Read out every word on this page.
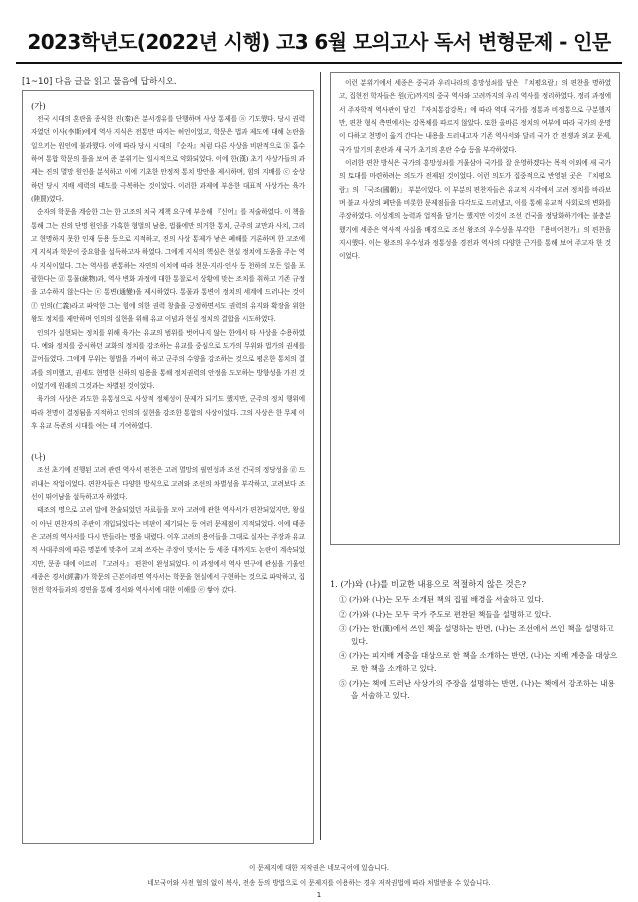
2023학년도(2022년 시행) 고3 6월 모의고사 독서 변형문제 - 인문
[1~10] 다음 글을 읽고 물음에 답하시오.
(가)

전국 시대의 혼란을 종식한 진(秦)은 분서갱유를 단행하며 사상 통제를 ⓐ 기도했다. 당시 권력자였던 이사(李斯)에게 역사 지식은 전통만 따지는 허언이었고, 학문은 법과 제도에 대해 논란을 일으키는 원인에 불과했다. 이에 따라 당시 시대의 『순자』처럼 다른 사상을 비판적으로 ⓑ 흡수하여 통합 학문의 틀을 보여 준 분위기는 일시적으로 약화되었다. 이에 한(漢) 초기 사상가들의 과제는 진의 멸망 원인을 분석하고 이에 기초한 안정적 통치 방안을 제시하며, 힘의 지배를 ⓒ 숭상하던 당시 지배 세력의 태도를 극복하는 것이었다. 이러한 과제에 부응한 대표적 사상가는 육가(陸賈)였다.

순자의 학문을 계승한 그는 한 고조의 치국 계책 요구에 부응해 『신어』를 저술하였다. 이 책을 통해 그는 진의 단명 원인을 가혹한 형벌의 남용, 법률에만 의거한 통치, 군주의 교만과 사치, 그리고 현명하지 못한 인재 등용 등으로 지적하고, 진의 사상 통제가 낳은 폐해를 거론하며 한 고조에게 지식과 학문이 중요함을 설득하고자 하였다. 그에게 지식의 핵심은 현실 정치에 도움을 주는 역사 지식이었다. 그는 역사를 관통하는 자연의 이치에 따라 천문·지리·인사 등 천하의 모든 일을 포괄한다는 ⓓ 통물(統物)과, 역사 변화 과정에 대한 통찰로서 상황에 맞는 조치를 취하고 기존 규정을 고수하지 않는다는 ⓔ 통변(通變)을 제시하였다. 통물과 통변이 정치의 세계에 드러나는 것이 ⓕ 인의(仁義)라고 파악한 그는 힘에 의한 권력 창출을 긍정하면서도 권력의 유지와 확장을 위한 왕도 정치를 제안하며 인의의 실현을 위해 유교 이념과 현실 정치의 결합을 시도하였다.

인의가 실현되는 정치를 위해 육가는 유교의 범위를 벗어나지 않는 한에서 타 사상을 수용하였다. 예와 정치를 중시하던 교화의 정치를 강조하는 유교를 중심으로 도가의 무위와 법가의 권세를 끌어들였다. 그에게 무위는 형벌을 가벼이 하고 군주의 수양을 강조하는 것으로 평온한 통치의 결과를 의미했고, 권세도 현명한 신하의 임용을 통해 정치권력의 안정을 도모하는 방향성을 가진 것이었기에 원래의 그것과는 차별된 것이었다.

육가의 사상은 과도한 유통성으로 사상적 정체성이 문제가 되기도 했지만, 군주의 정치 행위에 따라 천명이 결정됨을 지적하고 인의의 실현을 강조한 통합의 사상이었다. 그의 사상은 한 무제 이후 유교 독존의 시대를 여는 데 기여하였다.

(나)

조선 초기에 진행된 고려 관련 역사서 편찬은 고려 멸망의 필연성과 조선 건국의 정당성을 ⓓ 드러내는 작업이었다. 편찬자들은 다양한 방식으로 고려와 조선의 차별성을 부각하고, 고려보다 조선이 뛰어남을 설득하고자 하였다.

태조의 명으로 고려 말에 찬술되었던 자료들을 모아 고려에 관한 역사서가 편찬되었지만, 왕실이 아닌 편찬자의 주관이 개입되었다는 비판이 제기되는 등 여러 문제점이 지적되었다. 이에 태종은 고려의 역사서를 다시 만들라는 명을 내렸다. 이후 고려의 용어들을 그대로 실자는 주장과 유교적 사대주의에 따른 명분에 맞추어 고쳐 쓰자는 주장이 맞서는 등 세종 대까지도 논란이 계속되었지만, 문종 대에 이르러 『고려사』 편찬이 완성되었다. 이 과정에서 역사 연구에 관심을 기울인 세종은 경서(經書)가 학문의 근본이라면 역사서는 학문을 현실에서 구현하는 것으로 파악하고, 집현전 학자들과의 경연을 통해 경서와 역사서에 대한 이해를 ⓔ 쌓아 갔다.

이런 분위기에서 세종은 중국과 우리나라의 흥망성쇠를 담은 『치평요람』의 편찬을 명하였고, 집현전 학자들은 원(元)까지의 중국 역사와 고려까지의 우리 역사를 정리하였다. 정리 과정에서 주자학적 역사관이 담긴 『자치통감강목』에 따라 역대 국가를 정통과 비정통으로 구분했지만, 편찬 형식 측면에서는 강목체를 따르지 않았다. 또한 올바른 정치의 여부에 따라 국가의 운명이 다하고 천명이 옮겨 간다는 내용을 드러내고자 기존 역사서와 달리 국가 간 전쟁과 외교 문제, 국가 말기의 혼란과 새 국가 초기의 혼란 수습 등을 부각하였다.

이러한 편찬 방식은 국가의 흥망성쇠를 거울삼아 국가를 잘 운영하겠다는 목적 이외에 새 국가의 토대를 마련하려는 의도가 전제된 것이었다. 이런 의도가 집중적으로 반영된 곳은 『치평요람』의 「국조(國朝)」 부분이었다. 이 부분의 편찬자들은 유교적 시각에서 고려 정치를 바라보며 불교 사상의 폐단을 비롯한 문제점들을 다각도로 드러냈고, 이를 통해 유교적 사회로의 변화를 주장하였다. 이성계의 능력과 업적을 담기는 했지만 이것이 조선 건국을 정당화하기에는 불충분했기에 세종은 역사적 사실을 배경으로 조선 왕조의 우수성을 부각한 『용비어천가』의 편찬을 지시했다. 이는 왕조의 우수성과 정통성을 경전과 역사의 다양한 근거를 통해 보여 주고자 한 것이었다.

1. (가)와 (나)를 비교한 내용으로 적절하지 않은 것은?
① (가)와 (나)는 모두 소개된 책의 집필 배경을 서술하고 있다.
② (가)와 (나)는 모두 국가 주도로 편찬된 책들을 설명하고 있다.
③ (가)는 한(漢)에서 쓰인 책을 설명하는 반면, (나)는 조선에서 쓰인 책을 설명하고 있다.
④ (가)는 피지배 계층을 대상으로 한 책을 소개하는 반면, (나)는 지배 계층을 대상으로 한 책을 소개하고 있다.
⑤ (가)는 책에 드러난 사상가의 주장을 설명하는 반면, (나)는 책에서 강조하는 내용을 서술하고 있다.
이 문제지에 대한 저작권은 네모국어에 있습니다.
네모국어와 사전 협의 없이 복사, 전송 등의 방법으로 이 문제지를 이용하는 경우 저작권법에 따라 처벌받을 수 있습니다.
1
